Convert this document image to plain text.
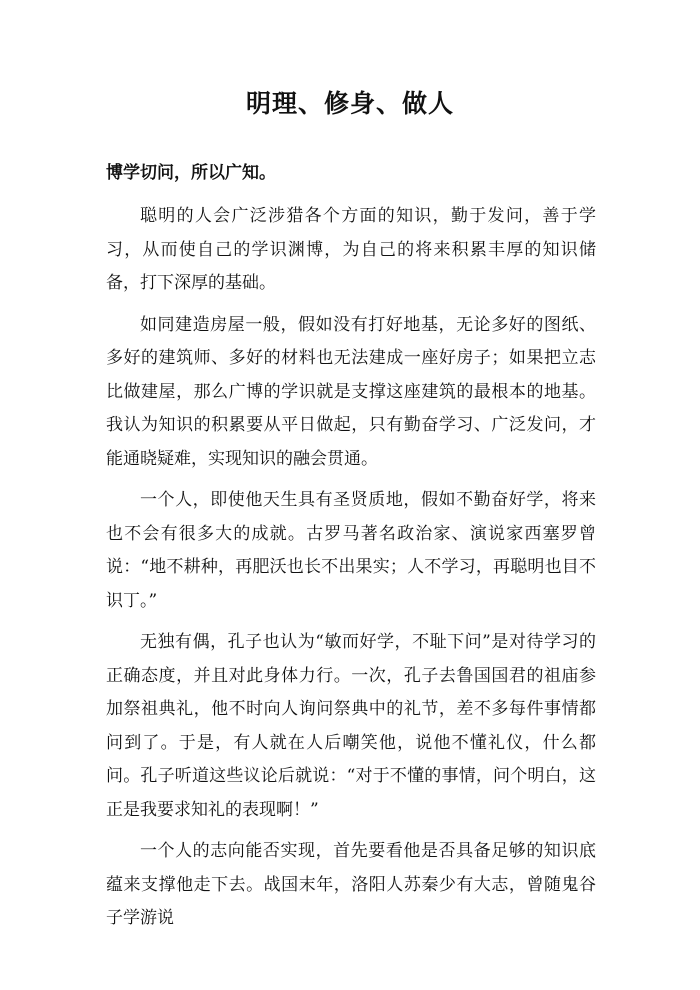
明理、修身、做人
博学切问，所以广知。

聪明的人会广泛涉猎各个方面的知识，勤于发问，善于学习，从而使自己的学识渊博，为自己的将来积累丰厚的知识储备，打下深厚的基础。

如同建造房屋一般，假如没有打好地基，无论多好的图纸、多好的建筑师、多好的材料也无法建成一座好房子；如果把立志比做建屋，那么广博的学识就是支撑这座建筑的最根本的地基。我认为知识的积累要从平日做起，只有勤奋学习、广泛发问，才能通晓疑难，实现知识的融会贯通。

一个人，即使他天生具有圣贤质地，假如不勤奋好学，将来也不会有很多大的成就。古罗马著名政治家、演说家西塞罗曾说：“地不耕种，再肥沃也长不出果实；人不学习，再聪明也目不识丁。”

无独有偶，孔子也认为“敏而好学，不耻下问”是对待学习的正确态度，并且对此身体力行。一次，孔子去鲁国国君的祖庙参加祭祖典礼，他不时向人询问祭典中的礼节，差不多每件事情都问到了。于是，有人就在人后嘲笑他，说他不懂礼仪，什么都问。孔子听道这些议论后就说：“对于不懂的事情，问个明白，这正是我要求知礼的表现啊！”

一个人的志向能否实现，首先要看他是否具备足够的知识底蕴来支撑他走下去。战国末年，洛阳人苏秦少有大志，曾随鬼谷子学游说
